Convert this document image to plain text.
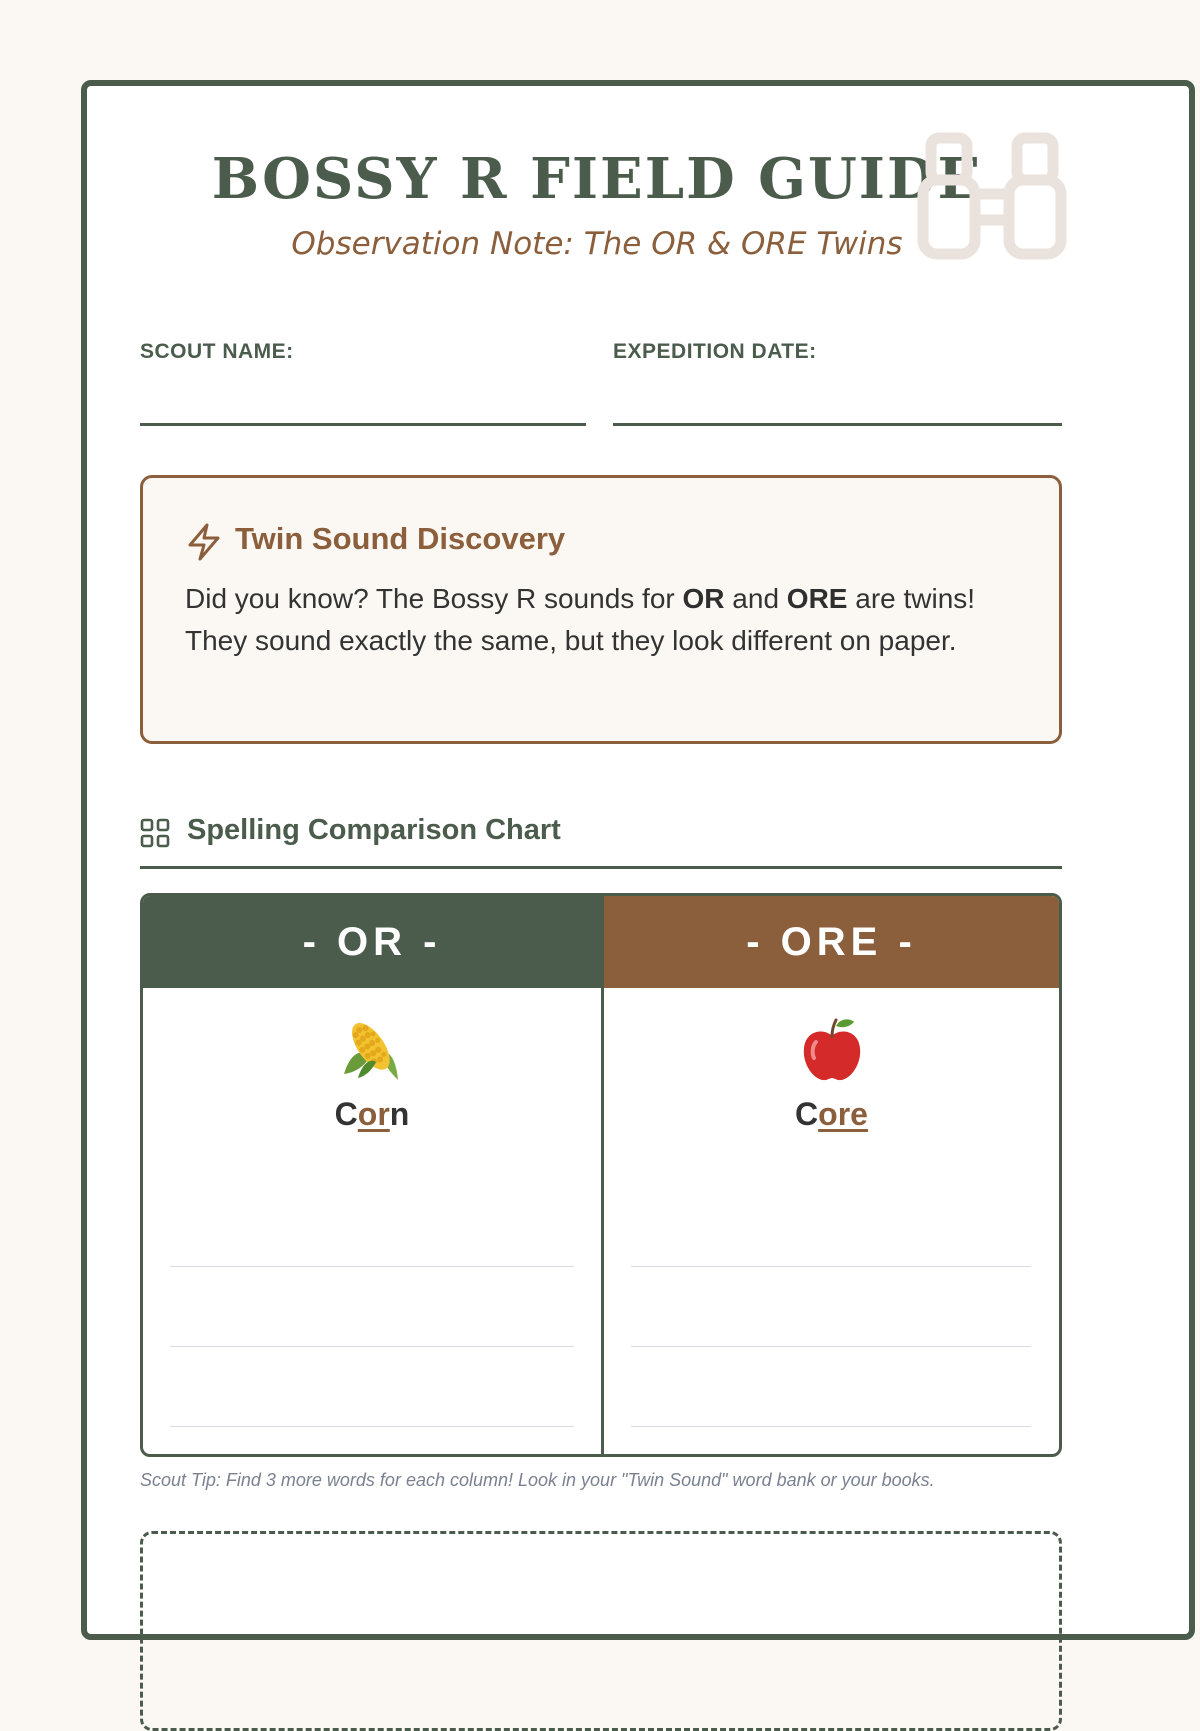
BOSSY R FIELD GUIDE
Observation Note: The OR & ORE Twins
SCOUT NAME:	EXPEDITION DATE:
Twin Sound Discovery
Did you know? The Bossy R sounds for OR and ORE are twins! They sound exactly the same, but they look different on paper.
Spelling Comparison Chart
- OR -
Corn
- ORE -
Core
Scout Tip: Find 3 more words for each column! Look in your "Twin Sound" word bank or your books.
